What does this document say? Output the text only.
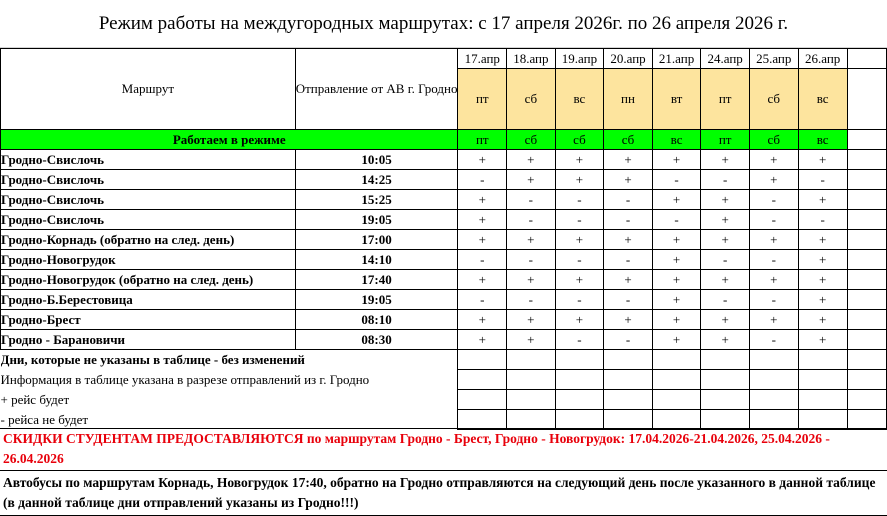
Режим работы на междугородных маршрутах: с 17 апреля 2026г. по 26 апреля 2026 г.
Маршрут	Отправление от АВ г. Гродно	17.апр	18.апр	19.апр	20.апр	21.апр	24.апр	25.апр	26.апр	
		пт	сб	вс	пн	вт	пт	сб	вс	
Работаем в режиме		пт	сб	сб	сб	вс	пт	сб	вс	
Гродно-Свислочь	10:05	+	+	+	+	+	+	+	+	
Гродно-Свислочь	14:25	-	+	+	+	-	-	+	-	
Гродно-Свислочь	15:25	+	-	-	-	+	+	-	+	
Гродно-Свислочь	19:05	+	-	-	-	-	+	-	-	
Гродно-Корнадь (обратно на след. день)	17:00	+	+	+	+	+	+	+	+	
Гродно-Новогрудок	14:10	-	-	-	-	+	-	-	+	
Гродно-Новогрудок (обратно на след. день)	17:40	+	+	+	+	+	+	+	+	
Гродно-Б.Берестовица	19:05	-	-	-	-	+	-	-	+	
Гродно-Брест	08:10	+	+	+	+	+	+	+	+	
Гродно - Барановичи	08:30	+	+	-	-	+	+	-	+	
Дни, которые не указаны в таблице - без изменений										
Информация в таблице указана в разрезе отправлений из г. Гродно										
+ рейс будет										
- рейса не будет										
СКИДКИ СТУДЕНТАМ ПРЕДОСТАВЛЯЮТСЯ по маршрутам Гродно - Брест, Гродно - Новогрудок: 17.04.2026-21.04.2026, 25.04.2026 - 26.04.2026
Автобусы по маршрутам Корнадь, Новогрудок 17:40, обратно на Гродно отправляются на следующий день после указанного в данной таблице (в данной таблице дни отправлений указаны из Гродно!!!)
